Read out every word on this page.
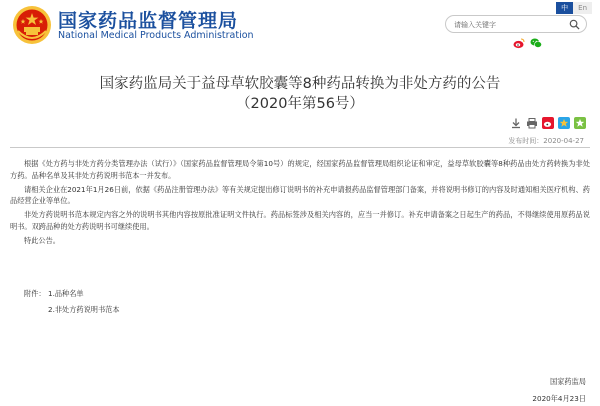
国家药品监督管理局
National Medical Products Administration
中	En
请输入关键字
国家药监局关于益母草软胶囊等8种药品转换为非处方药的公告
（2020年第56号）
发布时间：2020-04-27

根据《处方药与非处方药分类管理办法（试行）》（国家药品监督管理局令第10号）的规定，经国家药品监督管理局组织论证和审定，益母草软胶囊等8种药品由处方药转换为非处方药。品种名单及其非处方药说明书范本一并发布。

请相关企业在2021年1月26日前，依据《药品注册管理办法》等有关规定提出修订说明书的补充申请报药品监督管理部门备案，并将说明书修订的内容及时通知相关医疗机构、药品经营企业等单位。

非处方药说明书范本规定内容之外的说明书其他内容按原批准证明文件执行。药品标签涉及相关内容的，应当一并修订。补充申请备案之日起生产的药品，不得继续使用原药品说明书。双跨品种的处方药说明书可继续使用。

特此公告。

附件： 1.品种名单
2.非处方药说明书范本
国家药监局
2020年4月23日
